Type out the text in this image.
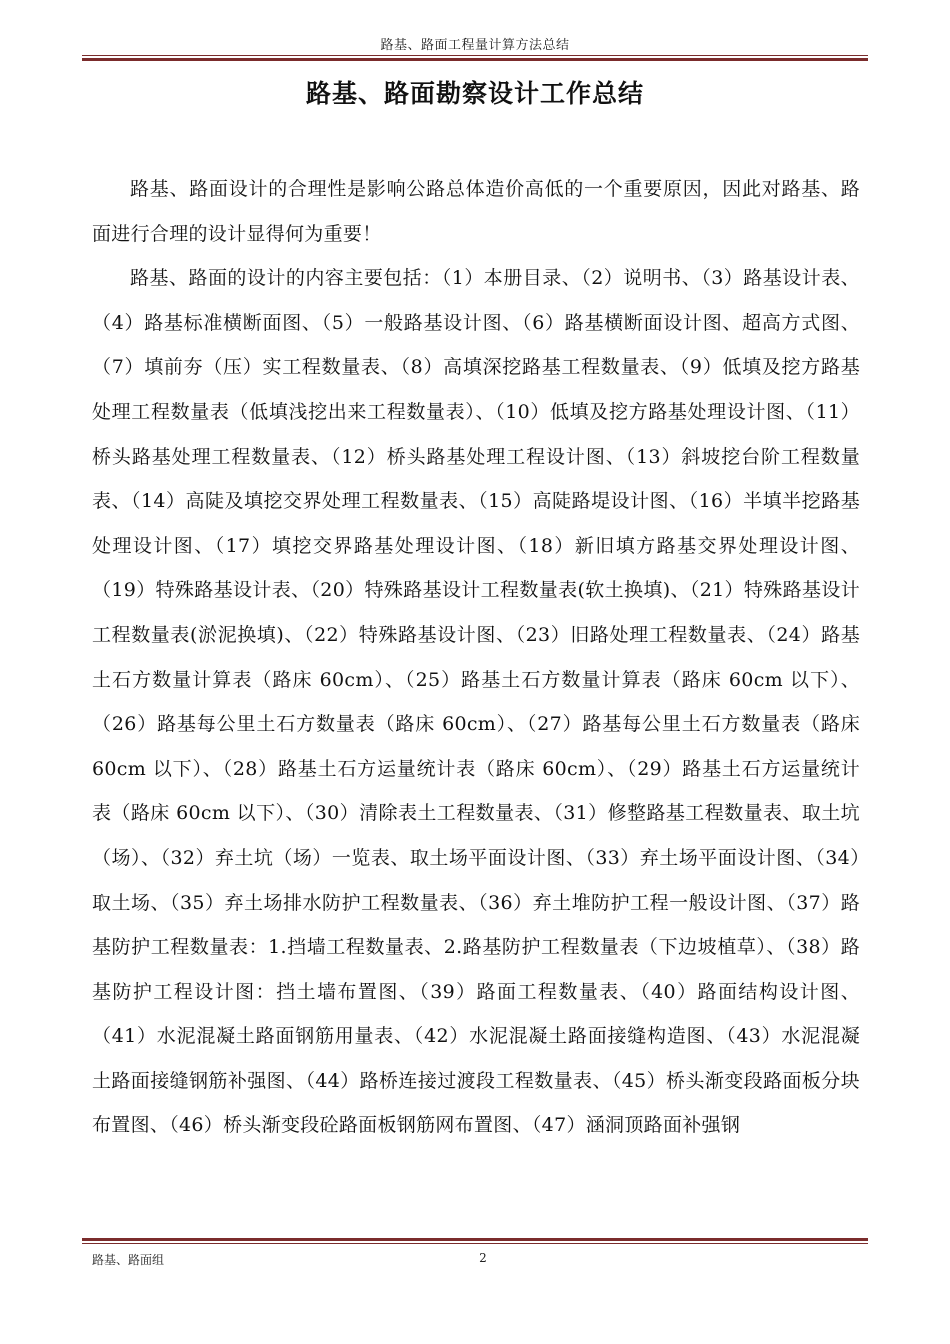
路基、路面工程量计算方法总结
路基、路面勘察设计工作总结

路基、路面设计的合理性是影响公路总体造价高低的一个重要原因，因此对路基、路面进行合理的设计显得何为重要！

路基、路面的设计的内容主要包括：（1）本册目录、（2）说明书、（3）路基设计表、（4）路基标准横断面图、（5）一般路基设计图、（6）路基横断面设计图、超高方式图、（7）填前夯（压）实工程数量表、（8）高填深挖路基工程数量表、（9）低填及挖方路基处理工程数量表（低填浅挖出来工程数量表）、（10）低填及挖方路基处理设计图、（11）桥头路基处理工程数量表、（12）桥头路基处理工程设计图、（13）斜坡挖台阶工程数量表、（14）高陡及填挖交界处理工程数量表、（15）高陡路堤设计图、（16）半填半挖路基处理设计图、（17）填挖交界路基处理设计图、（18）新旧填方路基交界处理设计图、（19）特殊路基设计表、（20）特殊路基设计工程数量表(软土换填)、（21）特殊路基设计工程数量表(淤泥换填)、（22）特殊路基设计图、（23）旧路处理工程数量表、（24）路基土石方数量计算表（路床 60cm）、（25）路基土石方数量计算表（路床 60cm 以下）、（26）路基每公里土石方数量表（路床 60cm）、（27）路基每公里土石方数量表（路床 60cm 以下）、（28）路基土石方运量统计表（路床 60cm）、（29）路基土石方运量统计表（路床 60cm 以下）、（30）清除表土工程数量表、（31）修整路基工程数量表、取土坑（场）、（32）弃土坑（场）一览表、取土场平面设计图、（33）弃土场平面设计图、（34）取土场、（35）弃土场排水防护工程数量表、（36）弃土堆防护工程一般设计图、（37）路基防护工程数量表：1.挡墙工程数量表、2.路基防护工程数量表（下边坡植草）、（38）路基防护工程设计图：挡土墙布置图、（39）路面工程数量表、（40）路面结构设计图、（41）水泥混凝土路面钢筋用量表、（42）水泥混凝土路面接缝构造图、（43）水泥混凝土路面接缝钢筋补强图、（44）路桥连接过渡段工程数量表、（45）桥头渐变段路面板分块布置图、（46）桥头渐变段砼路面板钢筋网布置图、（47）涵洞顶路面补强钢

路基、路面组	2
